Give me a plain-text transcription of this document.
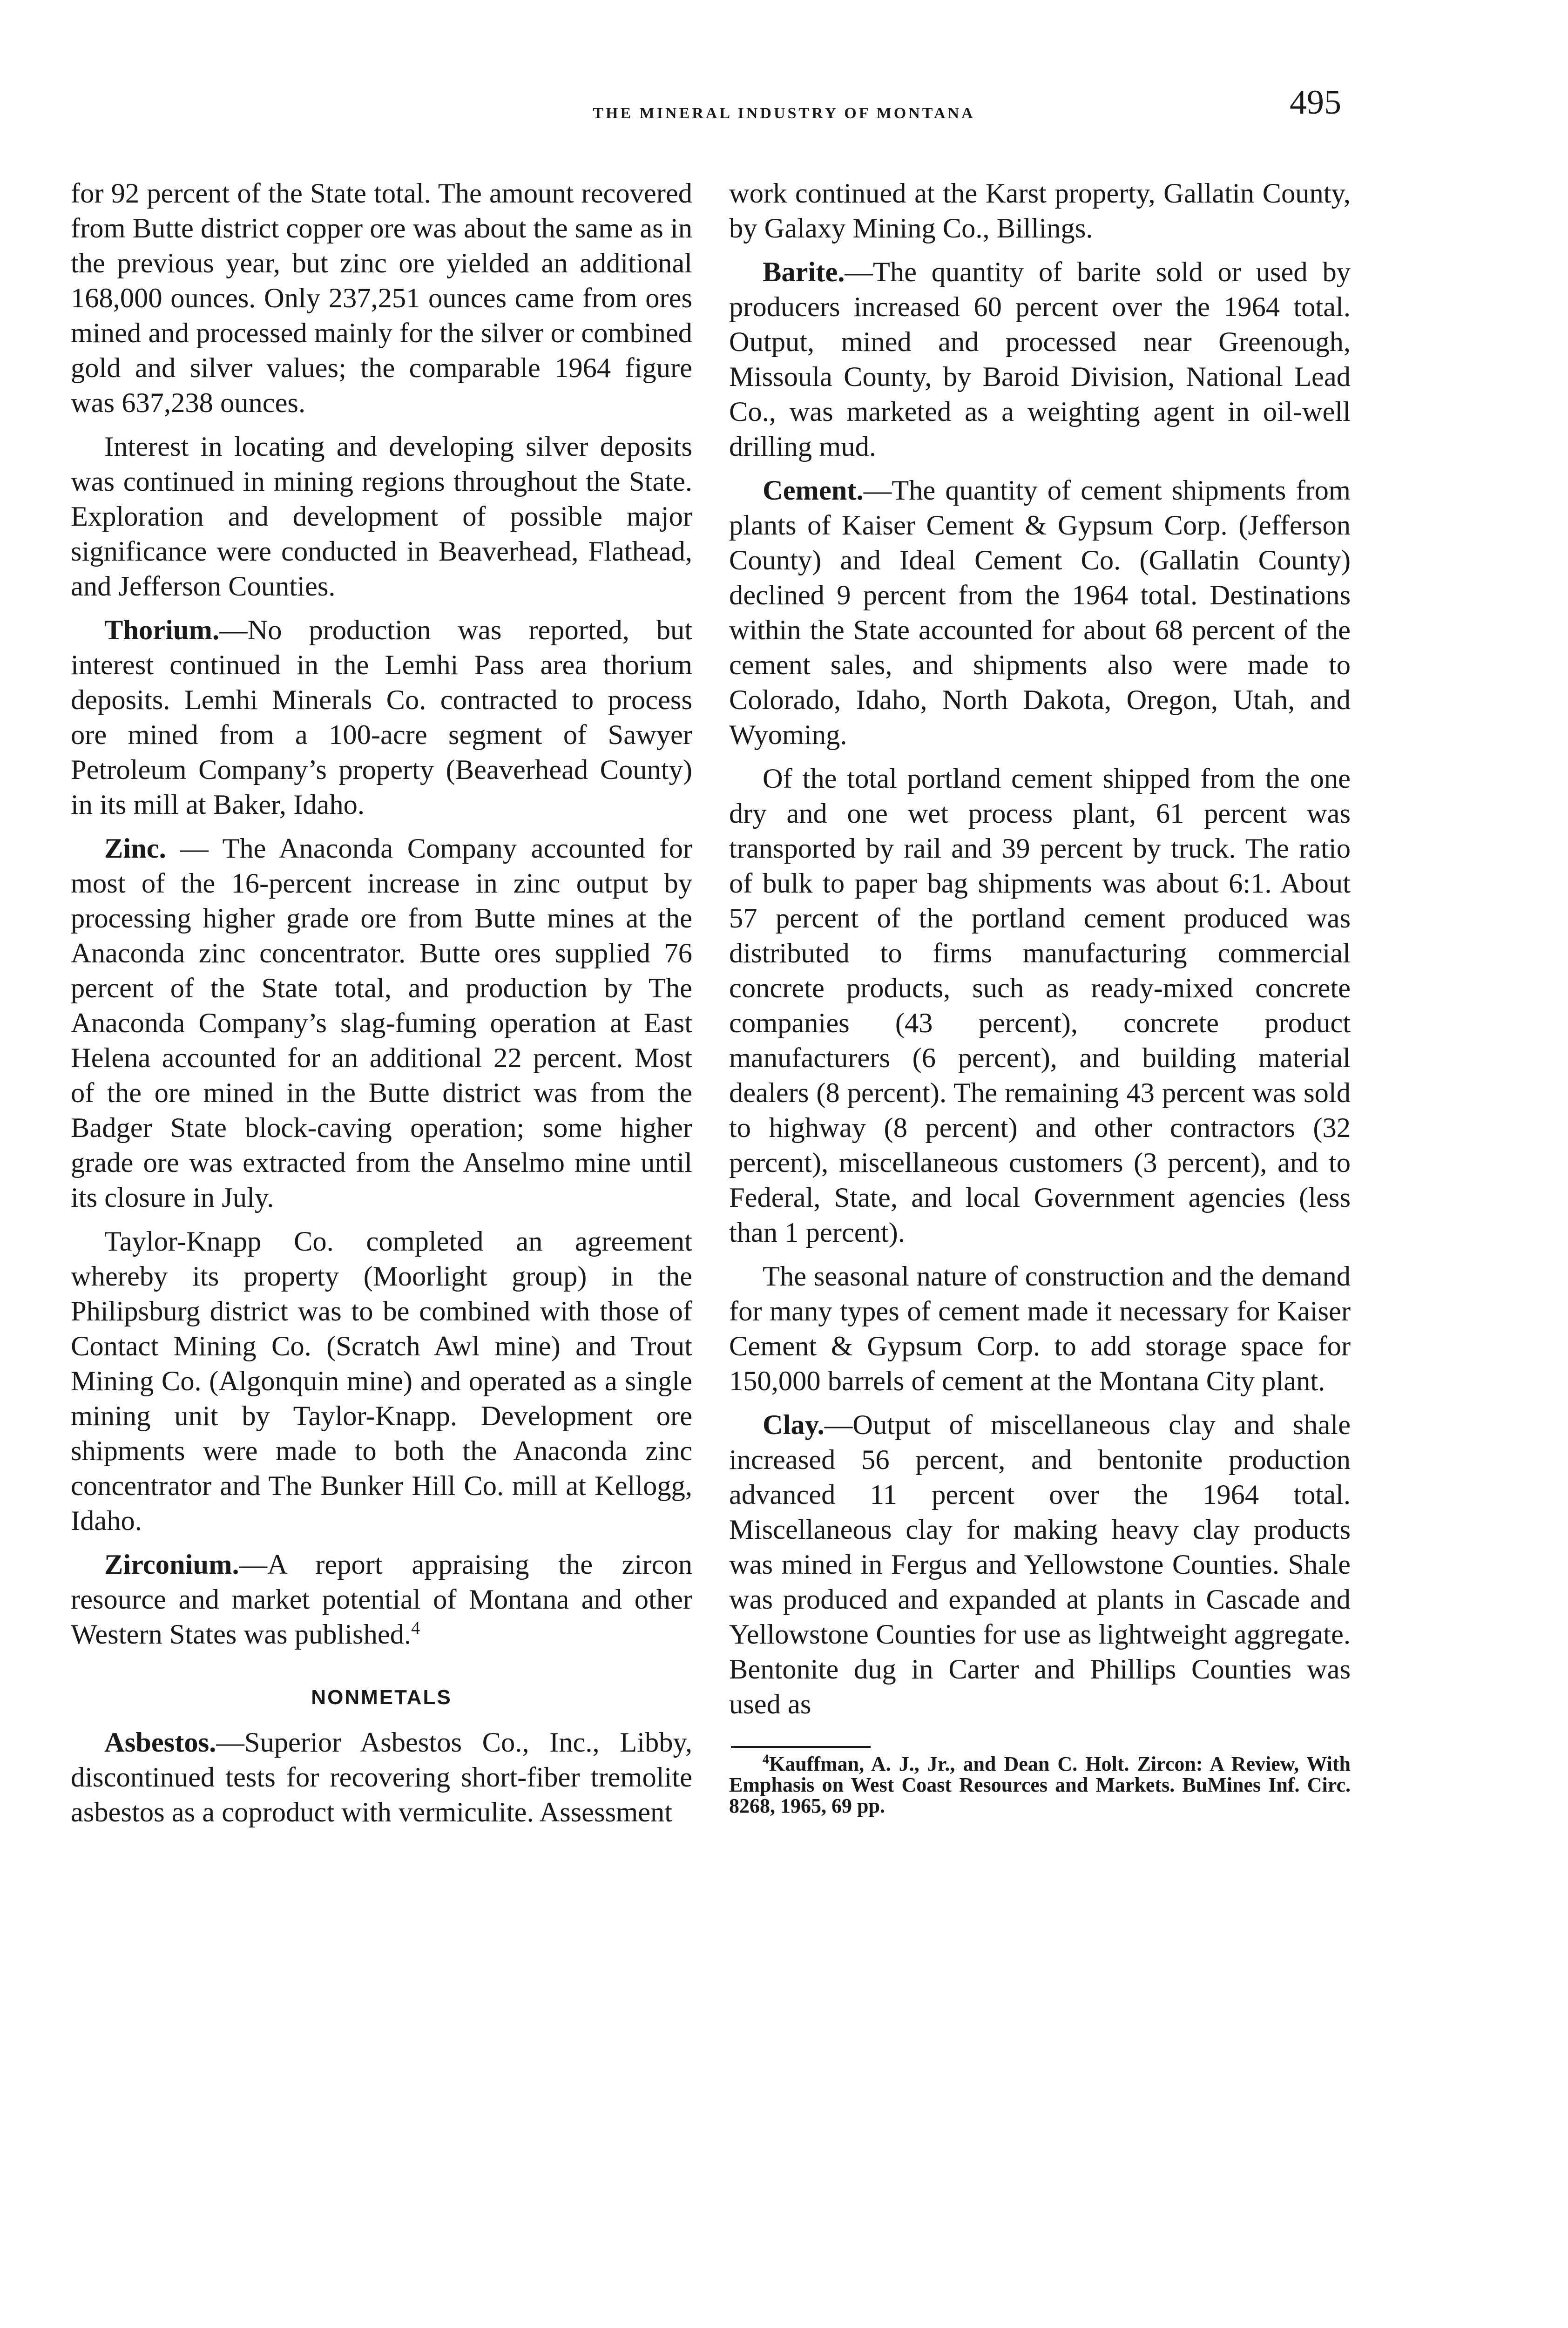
THE MINERAL INDUSTRY OF MONTANA	495

for 92 percent of the State total. The amount recovered from Butte district copper ore was about the same as in the previous year, but zinc ore yielded an additional 168,000 ounces. Only 237,251 ounces came from ores mined and processed mainly for the silver or combined gold and silver values; the comparable 1964 figure was 637,238 ounces.

Interest in locating and developing silver deposits was continued in mining regions throughout the State. Exploration and development of possible major significance were conducted in Beaverhead, Flathead, and Jefferson Counties.

Thorium.—No production was reported, but interest continued in the Lemhi Pass area thorium deposits. Lemhi Minerals Co. contracted to process ore mined from a 100-acre segment of Sawyer Petroleum Company’s property (Beaverhead County) in its mill at Baker, Idaho.

Zinc. — The Anaconda Company accounted for most of the 16-percent increase in zinc output by processing higher grade ore from Butte mines at the Anaconda zinc concentrator. Butte ores supplied 76 percent of the State total, and production by The Anaconda Company’s slag-fuming operation at East Helena accounted for an additional 22 percent. Most of the ore mined in the Butte district was from the Badger State block-caving operation; some higher grade ore was extracted from the Anselmo mine until its closure in July.

Taylor-Knapp Co. completed an agreement whereby its property (Moorlight group) in the Philipsburg district was to be combined with those of Contact Mining Co. (Scratch Awl mine) and Trout Mining Co. (Algonquin mine) and operated as a single mining unit by Taylor-Knapp. Development ore shipments were made to both the Anaconda zinc concentrator and The Bunker Hill Co. mill at Kellogg, Idaho.

Zirconium.—A report appraising the zircon resource and market potential of Montana and other Western States was published.$^4$

NONMETALS

Asbestos.—Superior Asbestos Co., Inc., Libby, discontinued tests for recovering short-fiber tremolite asbestos as a coproduct with vermiculite. Assessment

work continued at the Karst property, Gallatin County, by Galaxy Mining Co., Billings.

Barite.—The quantity of barite sold or used by producers increased 60 percent over the 1964 total. Output, mined and processed near Greenough, Missoula County, by Baroid Division, National Lead Co., was marketed as a weighting agent in oil-well drilling mud.

Cement.—The quantity of cement shipments from plants of Kaiser Cement & Gypsum Corp. (Jefferson County) and Ideal Cement Co. (Gallatin County) declined 9 percent from the 1964 total. Destinations within the State accounted for about 68 percent of the cement sales, and shipments also were made to Colorado, Idaho, North Dakota, Oregon, Utah, and Wyoming.

Of the total portland cement shipped from the one dry and one wet process plant, 61 percent was transported by rail and 39 percent by truck. The ratio of bulk to paper bag shipments was about 6:1. About 57 percent of the portland cement produced was distributed to firms manufacturing commercial concrete products, such as ready-mixed concrete companies (43 percent), concrete product manufacturers (6 percent), and building material dealers (8 percent). The remaining 43 percent was sold to highway (8 percent) and other contractors (32 percent), miscellaneous customers (3 percent), and to Federal, State, and local Government agencies (less than 1 percent).

The seasonal nature of construction and the demand for many types of cement made it necessary for Kaiser Cement & Gypsum Corp. to add storage space for 150,000 barrels of cement at the Montana City plant.

Clay.—Output of miscellaneous clay and shale increased 56 percent, and bentonite production advanced 11 percent over the 1964 total. Miscellaneous clay for making heavy clay products was mined in Fergus and Yellowstone Counties. Shale was produced and expanded at plants in Cascade and Yellowstone Counties for use as lightweight aggregate. Bentonite dug in Carter and Phillips Counties was used as

$^4$Kauffman, A. J., Jr., and Dean C. Holt. Zircon: A Review, With Emphasis on West Coast Resources and Markets. BuMines Inf. Circ. 8268, 1965, 69 pp.
